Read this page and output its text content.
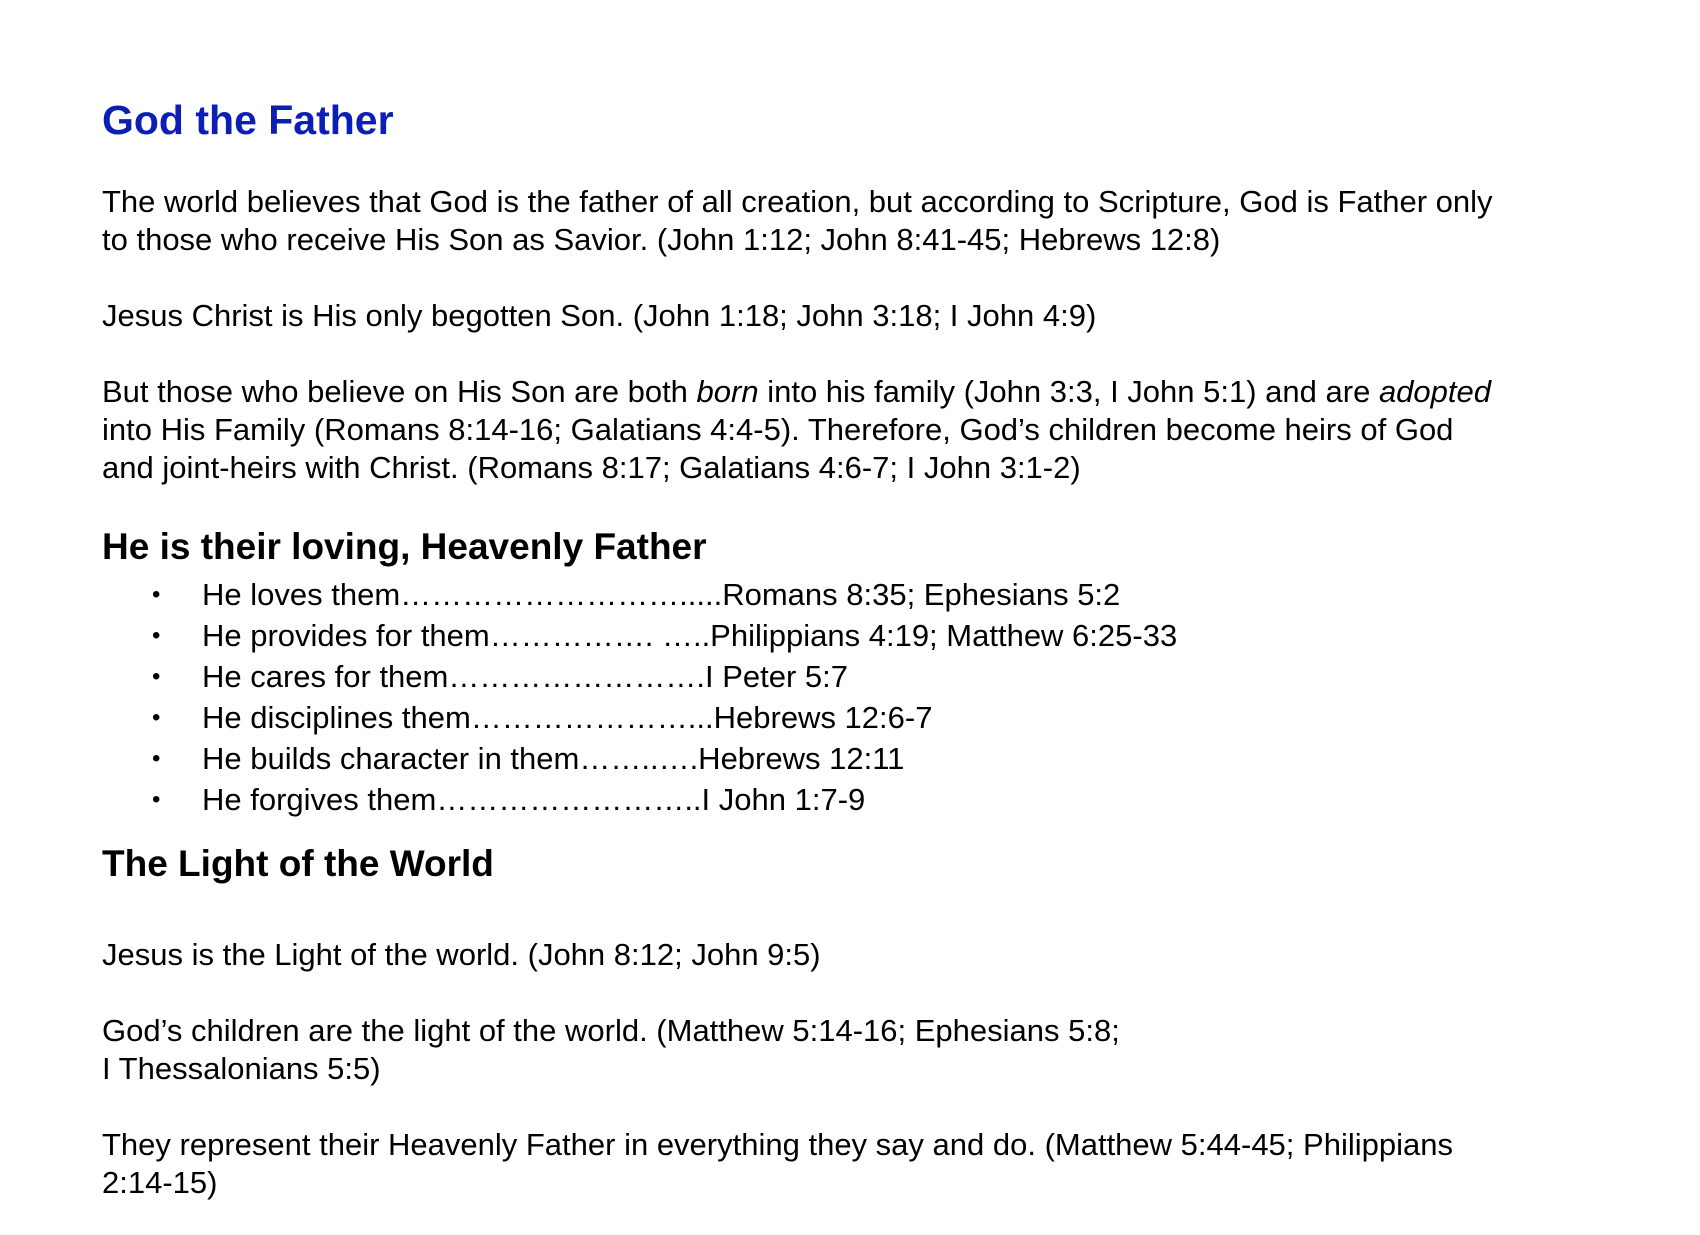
God the Father

The world believes that God is the father of all creation, but according to Scripture, God is Father only
to those who receive His Son as Savior. (John 1:12; John 8:41-45; Hebrews 12:8)

Jesus Christ is His only begotten Son. (John 1:18; John 3:18; I John 4:9)

But those who believe on His Son are both born into his family (John 3:3, I John 5:1) and are adopted
into His Family (Romans 8:14-16; Galatians 4:4-5). Therefore, God’s children become heirs of God
and joint-heirs with Christ. (Romans 8:17; Galatians 4:6-7; I John 3:1-2)

He is their loving, Heavenly Father
• He loves them……………………….....Romans 8:35; Ephesians 5:2
• He provides for them……………. …..Philippians 4:19; Matthew 6:25-33
• He cares for them…………………….I Peter 5:7
• He disciplines them…………………...Hebrews 12:6-7
• He builds character in them……..….Hebrews 12:11
• He forgives them……………………..I John 1:7-9
The Light of the World

Jesus is the Light of the world. (John 8:12; John 9:5)

God’s children are the light of the world. (Matthew 5:14-16; Ephesians 5:8;
I Thessalonians 5:5)

They represent their Heavenly Father in everything they say and do. (Matthew 5:44-45; Philippians
2:14-15)
